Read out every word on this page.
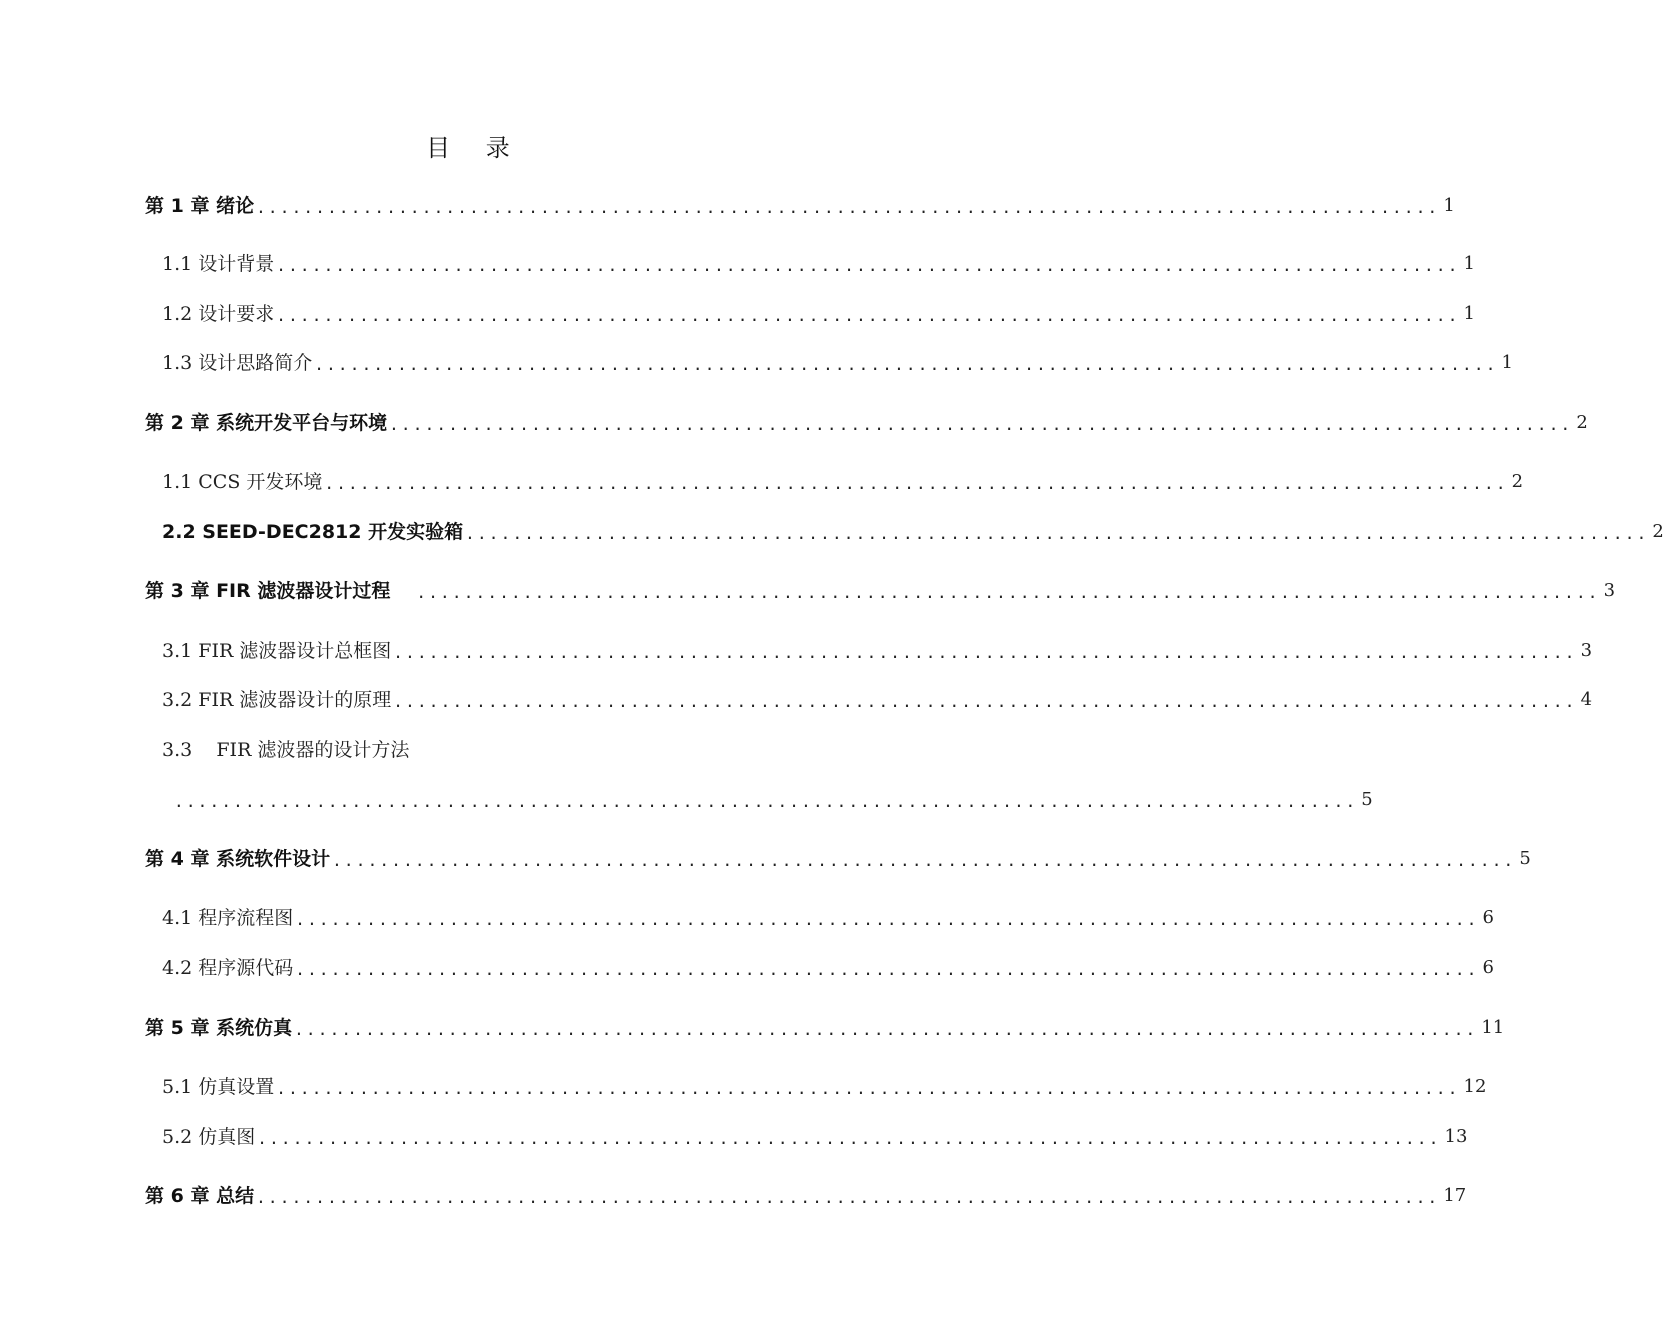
目 录
第 1 章 绪论 .................................................................................................... 1
1.1 设计背景 .................................................................................................... 1
1.2 设计要求 .................................................................................................... 1
1.3 设计思路简介 .................................................................................................... 1
第 2 章 系统开发平台与环境 .................................................................................................... 2
1.1 CCS 开发环境 .................................................................................................... 2
2.2 SEED-DEC2812 开发实验箱 .................................................................................................... 2
第 3 章 FIR 滤波器设计过程 .................................................................................................... 3
3.1 FIR 滤波器设计总框图 .................................................................................................... 3
3.2 FIR 滤波器设计的原理 .................................................................................................... 4
3.3    FIR 滤波器的设计方法
.................................................................................................... 5
第 4 章 系统软件设计 .................................................................................................... 5
4.1 程序流程图 .................................................................................................... 6
4.2 程序源代码 .................................................................................................... 6
第 5 章 系统仿真 .................................................................................................... 11
5.1 仿真设置 .................................................................................................... 12
5.2 仿真图 .................................................................................................... 13
第 6 章 总结 .................................................................................................... 17
